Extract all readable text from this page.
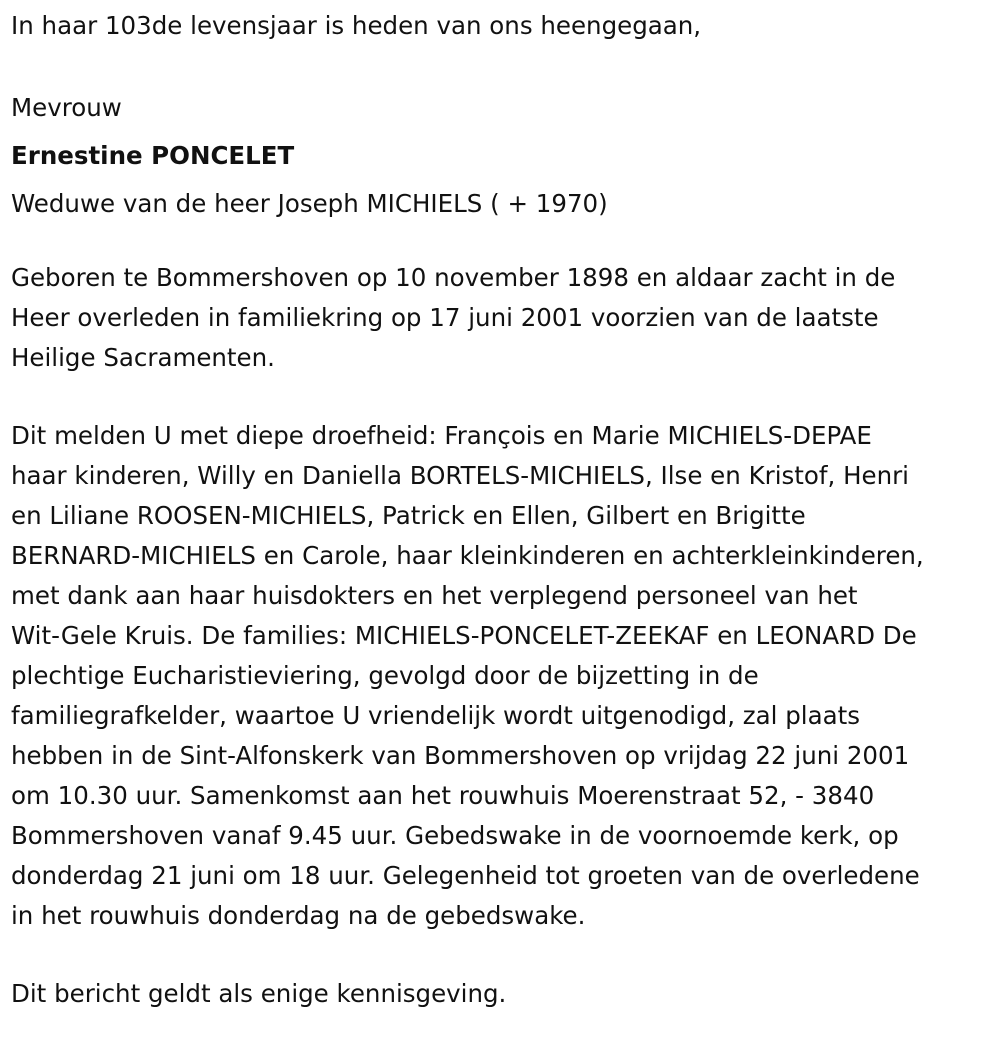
In haar 103de levensjaar is heden van ons heengegaan,

Mevrouw

Ernestine PONCELET

Weduwe van de heer Joseph MICHIELS ( + 1970)

Geboren te Bommershoven op 10 november 1898 en aldaar zacht in de

Heer overleden in familiekring op 17 juni 2001 voorzien van de laatste

Heilige Sacramenten.

Dit melden U met diepe droefheid: François en Marie MICHIELS-DEPAE

haar kinderen, Willy en Daniella BORTELS-MICHIELS, Ilse en Kristof, Henri

en Liliane ROOSEN-MICHIELS, Patrick en Ellen, Gilbert en Brigitte

BERNARD-MICHIELS en Carole, haar kleinkinderen en achterkleinkinderen,

met dank aan haar huisdokters en het verplegend personeel van het

Wit-Gele Kruis. De families: MICHIELS-PONCELET-ZEEKAF en LEONARD De

plechtige Eucharistieviering, gevolgd door de bijzetting in de

familiegrafkelder, waartoe U vriendelijk wordt uitgenodigd, zal plaats

hebben in de Sint-Alfonskerk van Bommershoven op vrijdag 22 juni 2001

om 10.30 uur. Samenkomst aan het rouwhuis Moerenstraat 52, - 3840

Bommershoven vanaf 9.45 uur. Gebedswake in de voornoemde kerk, op

donderdag 21 juni om 18 uur. Gelegenheid tot groeten van de overledene

in het rouwhuis donderdag na de gebedswake.

Dit bericht geldt als enige kennisgeving.
